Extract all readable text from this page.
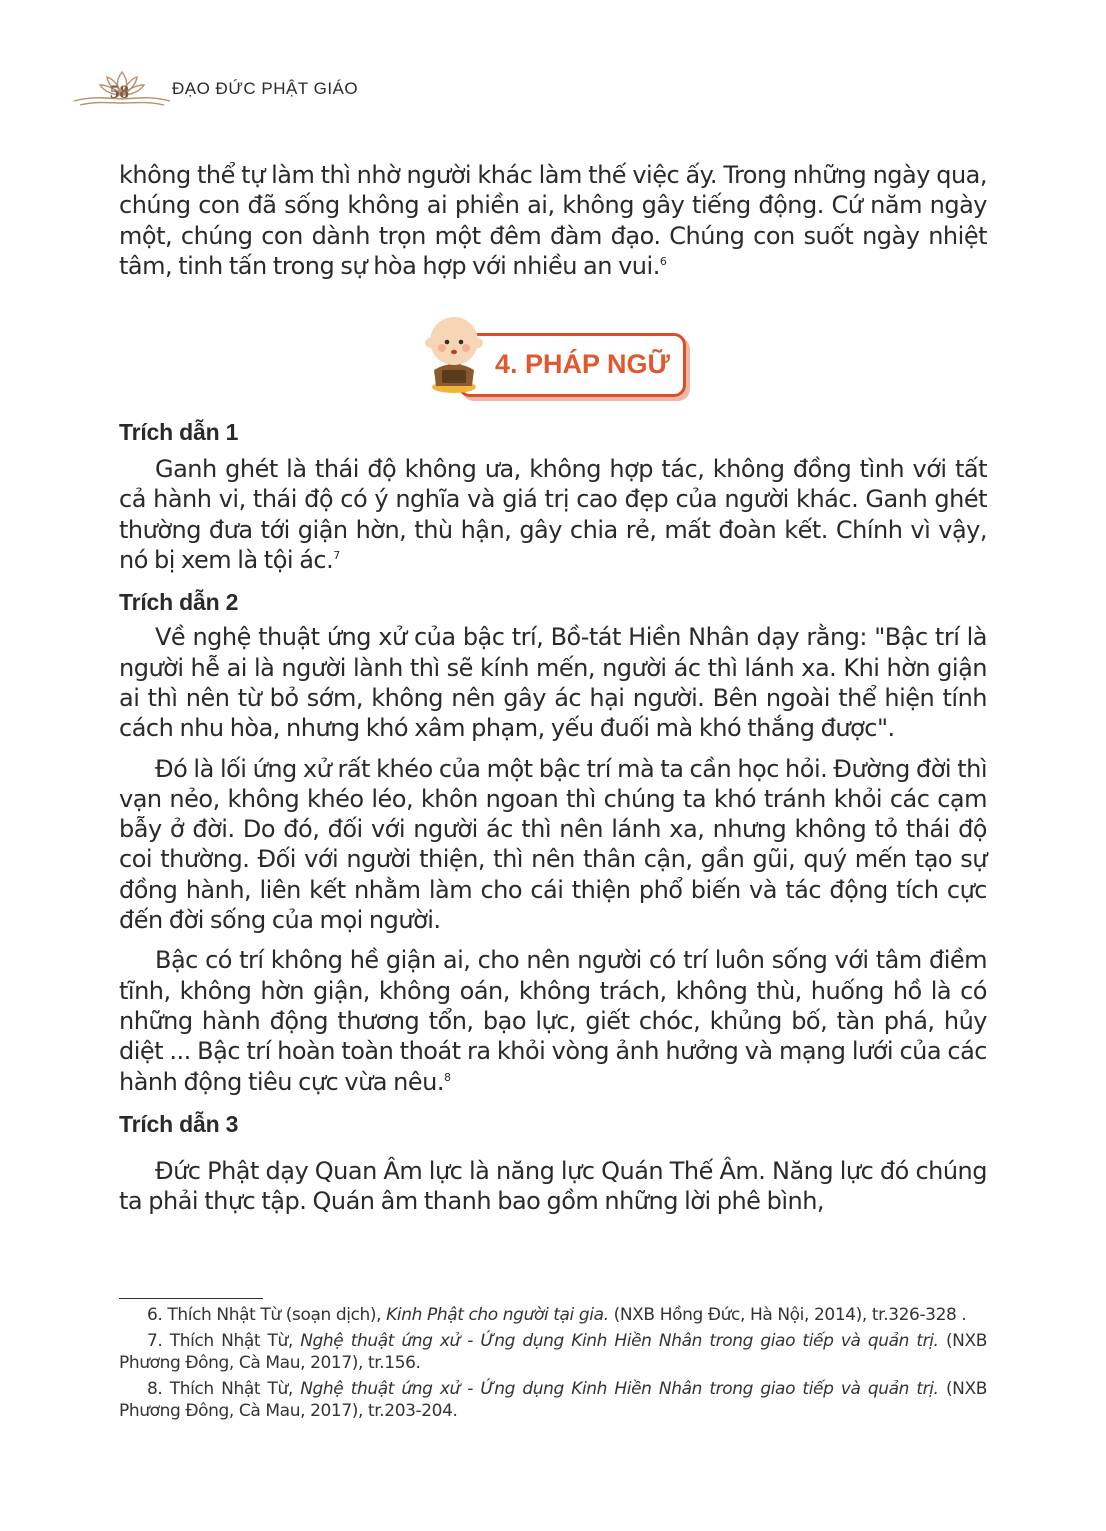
58	ĐẠO ĐỨC PHẬT GIÁO
4. PHÁP NGỮ

không thể tự làm thì nhờ người khác làm thế việc ấy. Trong những ngày qua, chúng con đã sống không ai phiền ai, không gây tiếng động. Cứ năm ngày một, chúng con dành trọn một đêm đàm đạo. Chúng con suốt ngày nhiệt tâm, tinh tấn trong sự hòa hợp với nhiều an vui.$^6$

Trích dẫn 1

Ganh ghét là thái độ không ưa, không hợp tác, không đồng tình với tất cả hành vi, thái độ có ý nghĩa và giá trị cao đẹp của người khác. Ganh ghét thường đưa tới giận hờn, thù hận, gây chia rẻ, mất đoàn kết. Chính vì vậy, nó bị xem là tội ác.$^7$

Trích dẫn 2

Về nghệ thuật ứng xử của bậc trí, Bồ-tát Hiền Nhân dạy rằng: "Bậc trí là người hễ ai là người lành thì sẽ kính mến, người ác thì lánh xa. Khi hờn giận ai thì nên từ bỏ sớm, không nên gây ác hại người. Bên ngoài thể hiện tính cách nhu hòa, nhưng khó xâm phạm, yếu đuối mà khó thắng được".

Đó là lối ứng xử rất khéo của một bậc trí mà ta cần học hỏi. Đường đời thì vạn nẻo, không khéo léo, khôn ngoan thì chúng ta khó tránh khỏi các cạm bẫy ở đời. Do đó, đối với người ác thì nên lánh xa, nhưng không tỏ thái độ coi thường. Đối với người thiện, thì nên thân cận, gần gũi, quý mến tạo sự đồng hành, liên kết nhằm làm cho cái thiện phổ biến và tác động tích cực đến đời sống của mọi người.

Bậc có trí không hề giận ai, cho nên người có trí luôn sống với tâm điềm tĩnh, không hờn giận, không oán, không trách, không thù, huống hồ là có những hành động thương tổn, bạo lực, giết chóc, khủng bố, tàn phá, hủy diệt ... Bậc trí hoàn toàn thoát ra khỏi vòng ảnh hưởng và mạng lưới của các hành động tiêu cực vừa nêu.$^8$

Trích dẫn 3

Đức Phật dạy Quan Âm lực là năng lực Quán Thế Âm. Năng lực đó chúng ta phải thực tập. Quán âm thanh bao gồm những lời phê bình,

6. Thích Nhật Từ (soạn dịch), Kinh Phật cho người tại gia. (NXB Hồng Đức, Hà Nội, 2014), tr.326-328 .

7. Thích Nhật Từ, Nghệ thuật ứng xử - Ứng dụng Kinh Hiền Nhân trong giao tiếp và quản trị. (NXB Phương Đông, Cà Mau, 2017), tr.156.

8. Thích Nhật Từ, Nghệ thuật ứng xử - Ứng dụng Kinh Hiền Nhân trong giao tiếp và quản trị. (NXB Phương Đông, Cà Mau, 2017), tr.203-204.
